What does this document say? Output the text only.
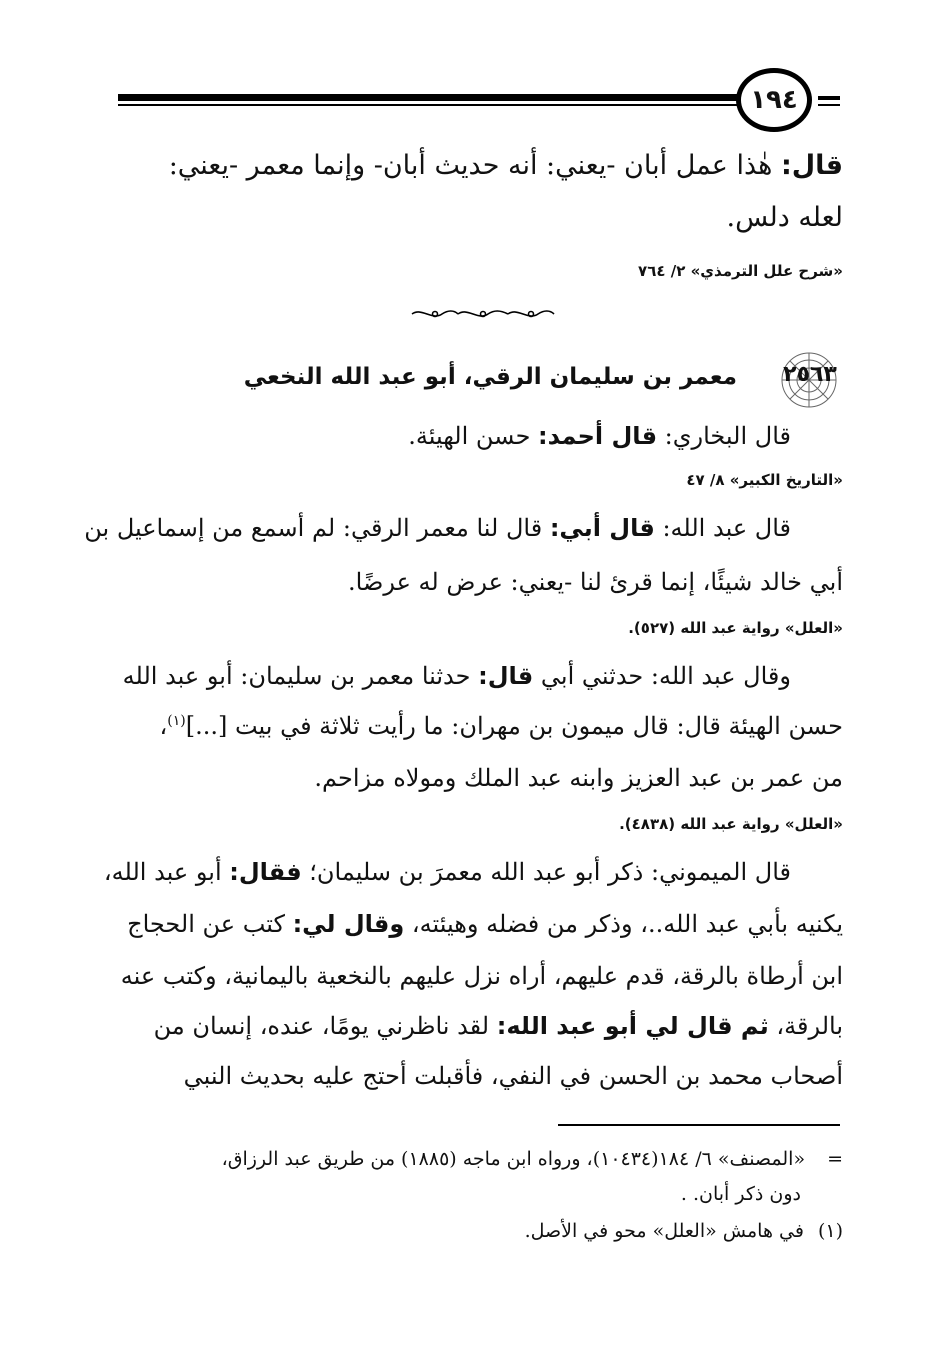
١٩٤
قال: هٰذا عمل أبان -يعني: أنه حديث أبان- وإنما معمر -يعني:
لعله دلس.
«شرح علل الترمذي» ٢/ ٧٦٤
٢٥٦٣
معمر بن سليمان الرقي، أبو عبد الله النخعي
قال البخاري: قال أحمد: حسن الهيئة.
«التاريخ الكبير» ٨/ ٤٧
قال عبد الله: قال أبي: قال لنا معمر الرقي: لم أسمع من إسماعيل بن
أبي خالد شيئًا، إنما قرئ لنا -يعني: عرض له عرضًا.
«العلل» رواية عبد الله (٥٢٧).
وقال عبد الله: حدثني أبي قال: حدثنا معمر بن سليمان: أبو عبد الله
حسن الهيئة قال: قال ميمون بن مهران: ما رأيت ثلاثة في بيت [...]$^{(١)}$،
من عمر بن عبد العزيز وابنه عبد الملك ومولاه مزاحم.
«العلل» رواية عبد الله (٤٨٣٨).
قال الميموني: ذكر أبو عبد الله معمرَ بن سليمان؛ فقال: أبو عبد الله،
يكنيه بأبي عبد الله..، وذكر من فضله وهيئته، وقال لي: كتب عن الحجاج
ابن أرطاة بالرقة، قدم عليهم، أراه نزل عليهم بالنخعية باليمانية، وكتب عنه
بالرقة، ثم قال لي أبو عبد الله: لقد ناظرني يومًا، عنده، إنسان من
أصحاب محمد بن الحسن في النفي، فأقبلت أحتج عليه بحديث النبي
=«المصنف» ٦/ ١٨٤(١٠٤٣٤)، ورواه ابن ماجه (١٨٨٥) من طريق عبد الرزاق،
دون ذكر أبان. .
(١)في هامش «العلل» محو في الأصل.
